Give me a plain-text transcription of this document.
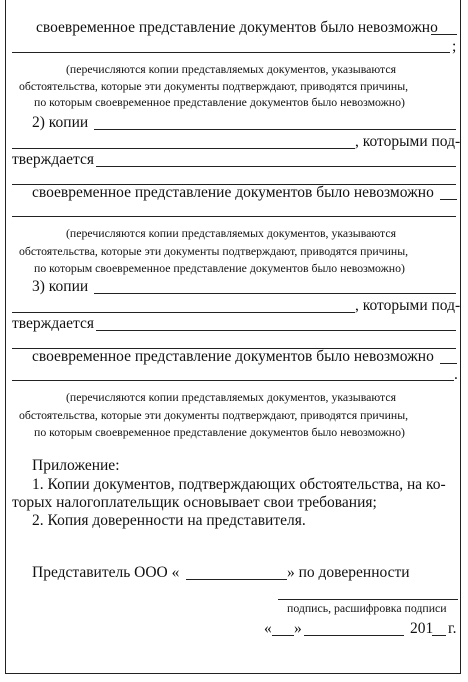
своевременное представление документов было невозможно
;
(перечисляются копии представляемых документов, указываются
обстоятельства, которые эти документы подтверждают, приводятся причины,
по которым своевременное представление документов было невозможно)
2) копии
, которыми под-
тверждается
своевременное представление документов было невозможно
(перечисляются копии представляемых документов, указываются
обстоятельства, которые эти документы подтверждают, приводятся причины,
по которым своевременное представление документов было невозможно)
3) копии
, которыми под-
тверждается
своевременное представление документов было невозможно
.
(перечисляются копии представляемых документов, указываются
обстоятельства, которые эти документы подтверждают, приводятся причины,
по которым своевременное представление документов было невозможно)
Приложение:
1. Копии документов, подтверждающих обстоятельства, на ко-
торых налогоплательщик основывает свои требования;
2. Копия доверенности на представителя.
Представитель ООО «	» по доверенности
подпись, расшифровка подписи
« »	201 г.
